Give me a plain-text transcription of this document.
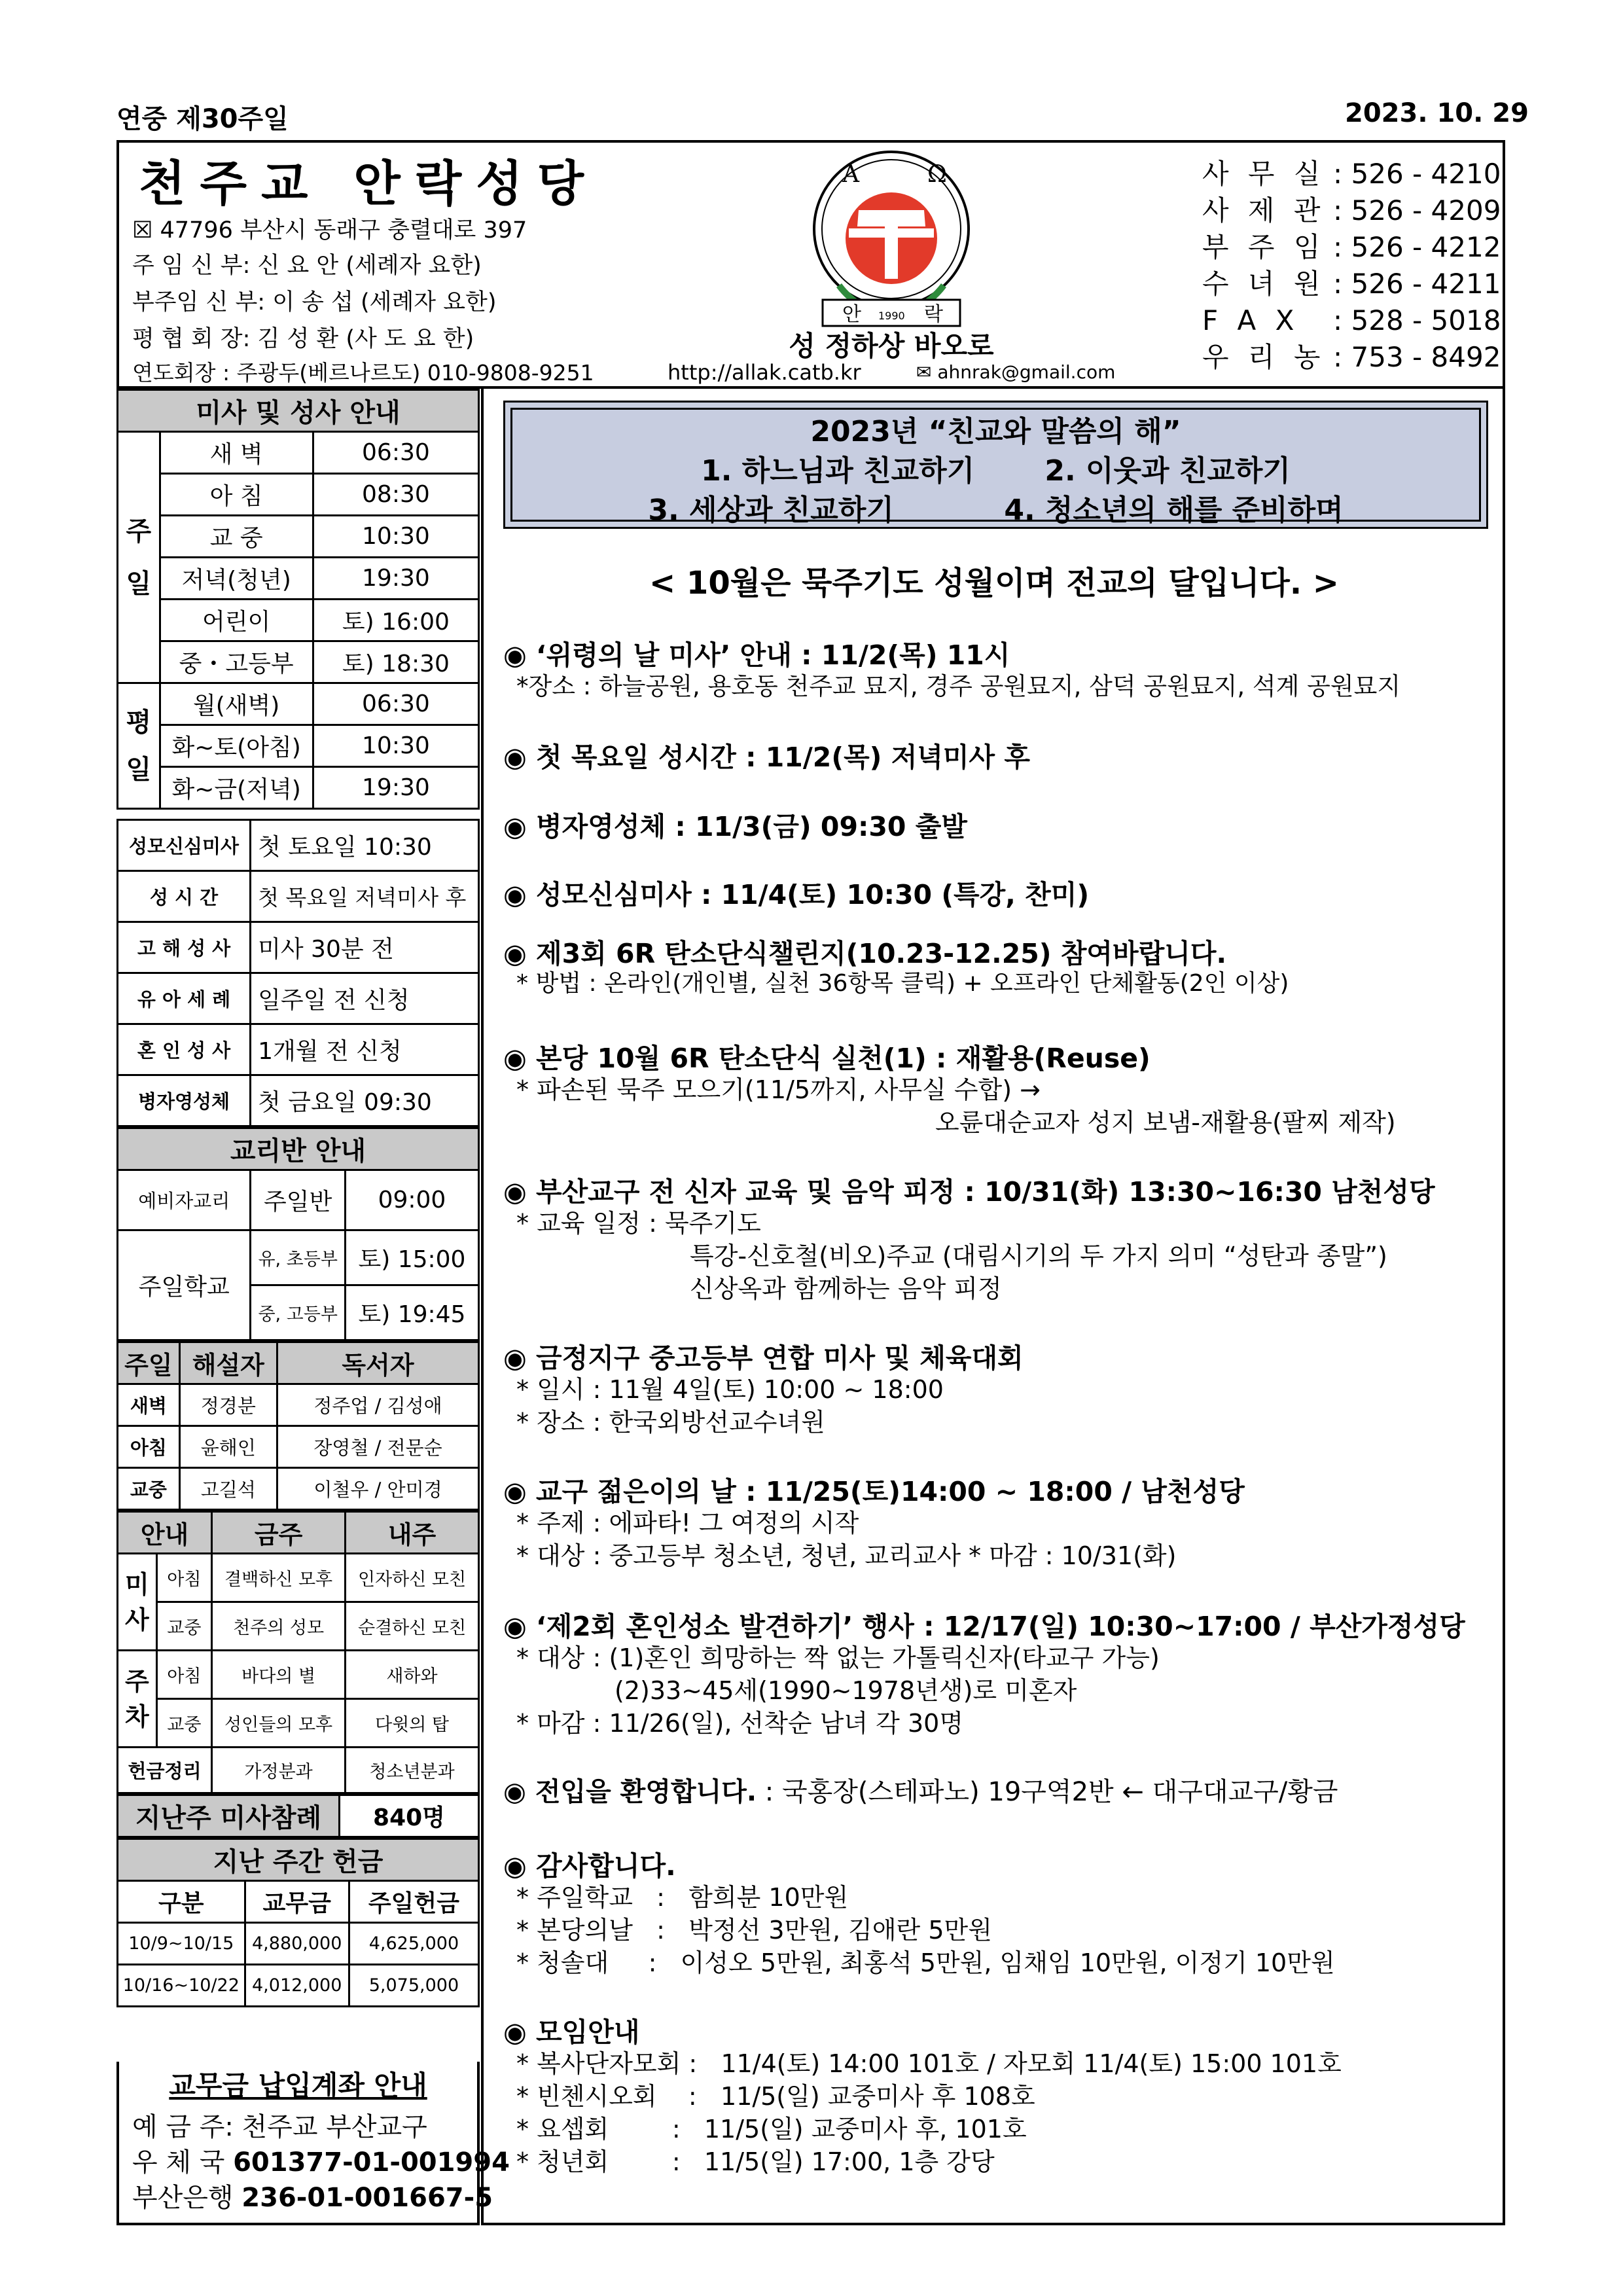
연중 제30주일	2023. 10. 29
천주교 안락성당
☒ 47796 부산시 동래구 충렬대로 397
주 임 신 부: 신 요 안 (세례자 요한)
부주임 신 부: 이 송 섭 (세례자 요한)
평 협 회 장: 김 성 환 (사 도 요 한)
연도회장 : 주광두(베르나르도) 010-9808-9251
A	Ω
안 1990 락
성 정하상 바오로
http://allak.catb.kr	✉ ahnrak@gmail.com
사 무 실 : 526 - 4210
사 제 관 : 526 - 4209
부 주 임 : 526 - 4212
수 녀 원 : 526 - 4211
F A X : 528 - 5018
우 리 농 : 753 - 8492
미사 및 성사 안내		
주

일	새 벽	06:30
	아 침	08:30
	교 중	10:30
	저녁(청년)	19:30
	어린이	토) 16:00
	중・고등부	토) 18:30
평

일	월(새벽)	06:30
	화~토(아침)	10:30
	화~금(저녁)	19:30
성모신심미사	첫 토요일 10:30
성 시 간	첫 목요일 저녁미사 후
고 해 성 사	미사 30분 전
유 아 세 례	일주일 전 신청
혼 인 성 사	1개월 전 신청
병자영성체	첫 금요일 09:30
교리반 안내		
예비자교리	주일반	09:00
주일학교	유, 초등부	토) 15:00
	중, 고등부	토) 19:45
주일	해설자	독서자
새벽	정경분	정주업 / 김성애
아침	윤해인	장영철 / 전문순
교중	고길석	이철우 / 안미경
안내		금주	내주
미
사	아침	결백하신 모후	인자하신 모친
	교중	천주의 성모	순결하신 모친
주
차	아침	바다의 별	새하와
	교중	성인들의 모후	다윗의 탑
헌금정리		가정분과	청소년분과
지난주 미사참례	840명
지난 주간 헌금		
구분	교무금	주일헌금
10/9~10/15	4,880,000	4,625,000
10/16~10/22	4,012,000	5,075,000
교무금 납입계좌 안내
예 금 주: 천주교 부산교구
우 체 국 601377-01-001994
부산은행 236-01-001667-5
2023년 “친교와 말씀의 해”
1. 하느님과 친교하기 2. 이웃과 친교하기
3. 세상과 친교하기	4. 청소년의 해를 준비하며
< 10월은 묵주기도 성월이며 전교의 달입니다. >
◉ ‘위령의 날 미사’ 안내 : 11/2(목) 11시
*장소 : 하늘공원, 용호동 천주교 묘지, 경주 공원묘지, 삼덕 공원묘지, 석계 공원묘지
◉ 첫 목요일 성시간 : 11/2(목) 저녁미사 후
◉ 병자영성체 : 11/3(금) 09:30 출발
◉ 성모신심미사 : 11/4(토) 10:30 (특강, 찬미)
◉ 제3회 6R 탄소단식챌린지(10.23-12.25) 참여바랍니다.
* 방법 : 온라인(개인별, 실천 36항목 클릭) + 오프라인 단체활동(2인 이상)
◉ 본당 10월 6R 탄소단식 실천(1) : 재활용(Reuse)
* 파손된 묵주 모으기(11/5까지, 사무실 수합) →
오륜대순교자 성지 보냄-재활용(팔찌 제작)
◉ 부산교구 전 신자 교육 및 음악 피정 : 10/31(화) 13:30~16:30 남천성당
* 교육 일정 : 묵주기도
특강-신호철(비오)주교 (대림시기의 두 가지 의미 “성탄과 종말”)
신상옥과 함께하는 음악 피정
◉ 금정지구 중고등부 연합 미사 및 체육대회
* 일시 : 11월 4일(토) 10:00 ~ 18:00
* 장소 : 한국외방선교수녀원
◉ 교구 젊은이의 날 : 11/25(토)14:00 ~ 18:00 / 남천성당
* 주제 : 에파타! 그 여정의 시작
* 대상 : 중고등부 청소년, 청년, 교리교사 * 마감 : 10/31(화)
◉ ‘제2회 혼인성소 발견하기’ 행사 : 12/17(일) 10:30~17:00 / 부산가정성당
* 대상 : (1)혼인 희망하는 짝 없는 가톨릭신자(타교구 가능)
(2)33~45세(1990~1978년생)로 미혼자
* 마감 : 11/26(일), 선착순 남녀 각 30명
◉ 전입을 환영합니다. : 국홍장(스테파노) 19구역2반 ← 대구대교구/황금
◉ 감사합니다.
* 주일학교   :   함희분 10만원
* 본당의날   :   박정선 3만원, 김애란 5만원
* 청솔대     :   이성오 5만원, 최홍석 5만원, 임채임 10만원, 이정기 10만원
◉ 모임안내
* 복사단자모회 :   11/4(토) 14:00 101호 / 자모회 11/4(토) 15:00 101호
* 빈첸시오회    :   11/5(일) 교중미사 후 108호
* 요셉회        :   11/5(일) 교중미사 후, 101호
* 청년회        :   11/5(일) 17:00, 1층 강당
